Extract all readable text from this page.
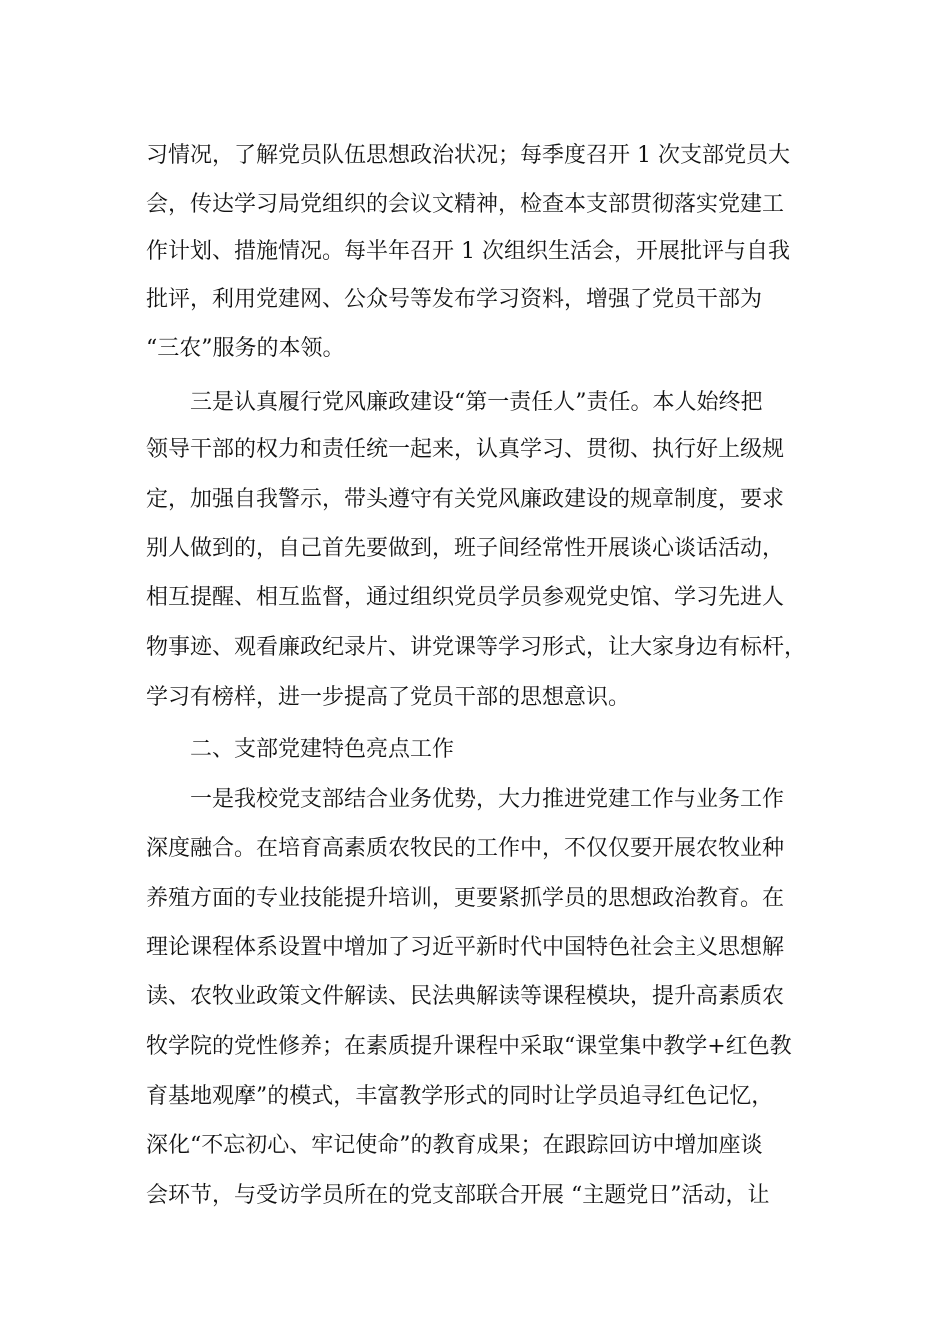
习情况，了解党员队伍思想政治状况；每季度召开 1 次支部党员大
会，传达学习局党组织的会议文精神，检查本支部贯彻落实党建工
作计划、措施情况。每半年召开 1 次组织生活会，开展批评与自我
批评，利用党建网、公众号等发布学习资料，增强了党员干部为
“三农”服务的本领。
三是认真履行党风廉政建设“第一责任人”责任。本人始终把
领导干部的权力和责任统一起来，认真学习、贯彻、执行好上级规
定，加强自我警示，带头遵守有关党风廉政建设的规章制度，要求
别人做到的，自己首先要做到，班子间经常性开展谈心谈话活动，
相互提醒、相互监督，通过组织党员学员参观党史馆、学习先进人
物事迹、观看廉政纪录片、讲党课等学习形式，让大家身边有标杆，
学习有榜样，进一步提高了党员干部的思想意识。
二、支部党建特色亮点工作
一是我校党支部结合业务优势，大力推进党建工作与业务工作
深度融合。在培育高素质农牧民的工作中，不仅仅要开展农牧业种
养殖方面的专业技能提升培训，更要紧抓学员的思想政治教育。在
理论课程体系设置中增加了习近平新时代中国特色社会主义思想解
读、农牧业政策文件解读、民法典解读等课程模块，提升高素质农
牧学院的党性修养；在素质提升课程中采取“课堂集中教学+红色教
育基地观摩”的模式，丰富教学形式的同时让学员追寻红色记忆，
深化“不忘初心、牢记使命”的教育成果；在跟踪回访中增加座谈
会环节，与受访学员所在的党支部联合开展 “主题党日”活动，让
